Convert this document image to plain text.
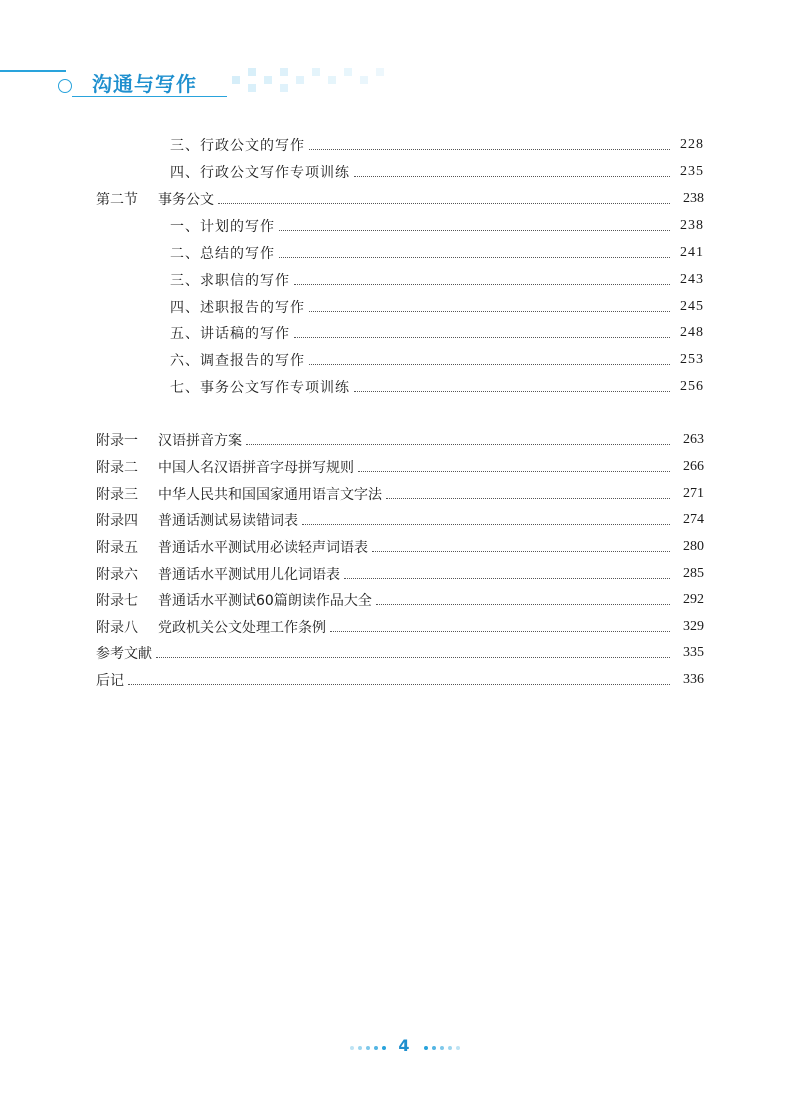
沟通与写作
三、行政公文的写作	228
四、行政公文写作专项训练	235
第二节 事务公文	238
一、计划的写作	238
二、总结的写作	241
三、求职信的写作	243
四、述职报告的写作	245
五、讲话稿的写作	248
六、调查报告的写作	253
七、事务公文写作专项训练	256
附录一 汉语拼音方案	263
附录二 中国人名汉语拼音字母拼写规则	266
附录三 中华人民共和国国家通用语言文字法	271
附录四 普通话测试易读错词表	274
附录五 普通话水平测试用必读轻声词语表	280
附录六 普通话水平测试用儿化词语表	285
附录七 普通话水平测试60篇朗读作品大全	292
附录八 党政机关公文处理工作条例	329
参考文献	335
后记	336
4
